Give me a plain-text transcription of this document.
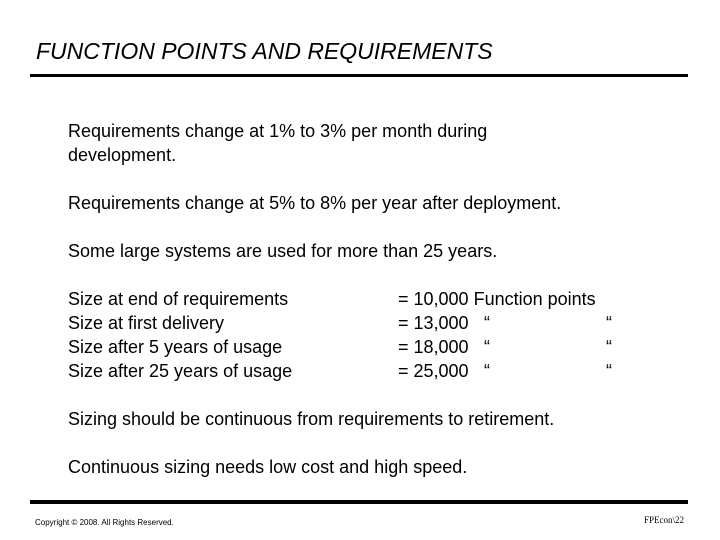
FUNCTION POINTS AND REQUIREMENTS
Requirements change at 1% to 3% per month during
development.
Requirements change at 5% to 8% per year after deployment.
Some large systems are used for more than 25 years.
Size at end of requirements	= 10,000 Function points
Size at first delivery	= 13,000 “	“
Size after 5 years of usage	= 18,000 “	“
Size after 25 years of usage	= 25,000 “	“
Sizing should be continuous from requirements to retirement.
Continuous sizing needs low cost and high speed.
Copyright © 2008. All Rights Reserved.	FPEcon\22
